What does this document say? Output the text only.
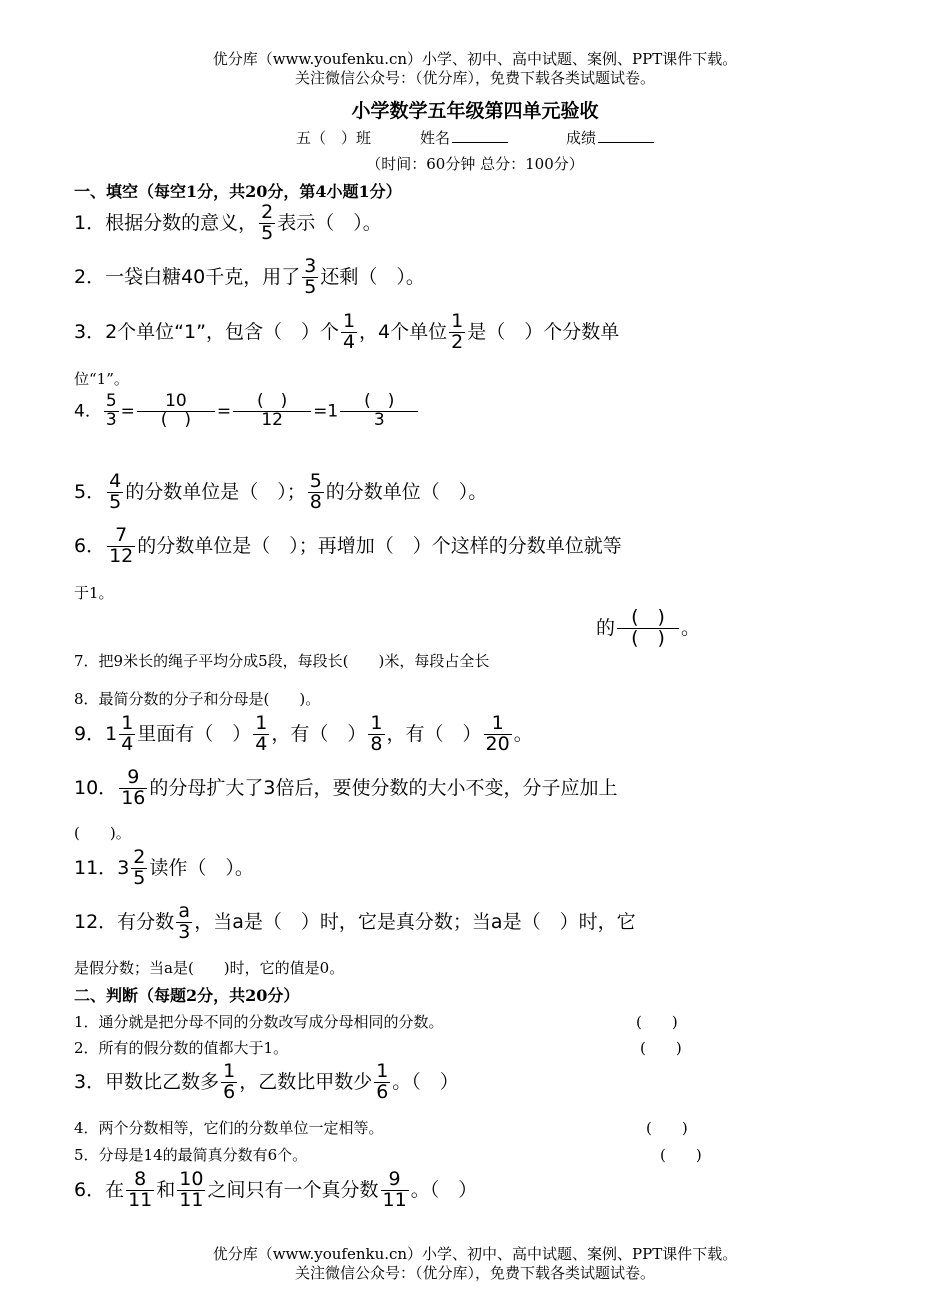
优分库（www.youfenku.cn）小学、初中、高中试题、案例、PPT课件下载。
关注微信公众号：（优分库），免费下载各类试题试卷。
小学数学五年级第四单元验收
五（　）班	姓名	成绩
（时间：60分钟 总分：100分）
一、填空（每空1分，共20分，第4小题1分）
1．根据分数的意义， $\frac{2}{5}$ 表示（　）。
2．一袋白糖40千克，用了 $\frac{3}{5}$ 还剩（　）。
3．2个单位“1”，包含（　）个 $\frac{1}{4}$ ，4个单位 $\frac{1}{2}$ 是（　）个分数单
位“1”。
4． $\frac{5}{3} = \frac{10}{( )} = \frac{( )}{12} =1 \frac{( )}{3}$
5． $\frac{4}{5}$ 的分数单位是（　）； $\frac{5}{8}$ 的分数单位（　）。
6． $\frac{7}{12}$ 的分数单位是（　）；再增加（　）个这样的分数单位就等
于1。
的 $\frac{( )}{( )}$ 。
7．把9米长的绳子平均分成5段，每段长(　　)米，每段占全长
8．最简分数的分子和分母是(　　)。
9． $1 \frac{1}{4}$ 里面有（　） $\frac{1}{4}$ ，有（　） $\frac{1}{8}$ ，有（　） $\frac{1}{20}$ 。
10． $\frac{9}{16}$ 的分母扩大了3倍后，要使分数的大小不变，分子应加上
(　　)。
11． $3 \frac{2}{5}$ 读作（　）。
12．有分数 $\frac{a}{3}$ ，当a是（　）时，它是真分数；当a是（　）时，它
是假分数；当a是(　　)时，它的值是0。
二、判断（每题2分，共20分）
1．通分就是把分母不同的分数改写成分母相同的分数。	(　　)
2．所有的假分数的值都大于1。	(　　)
3．甲数比乙数多 $\frac{1}{6}$ ，乙数比甲数少 $\frac{1}{6}$ 。（　）
4．两个分数相等，它们的分数单位一定相等。	(　　)
5．分母是14的最简真分数有6个。	(　　)
6．在 $\frac{8}{11}$ 和 $\frac{10}{11}$ 之间只有一个真分数 $\frac{9}{11}$ 。（　）
优分库（www.youfenku.cn）小学、初中、高中试题、案例、PPT课件下载。
关注微信公众号：（优分库），免费下载各类试题试卷。
